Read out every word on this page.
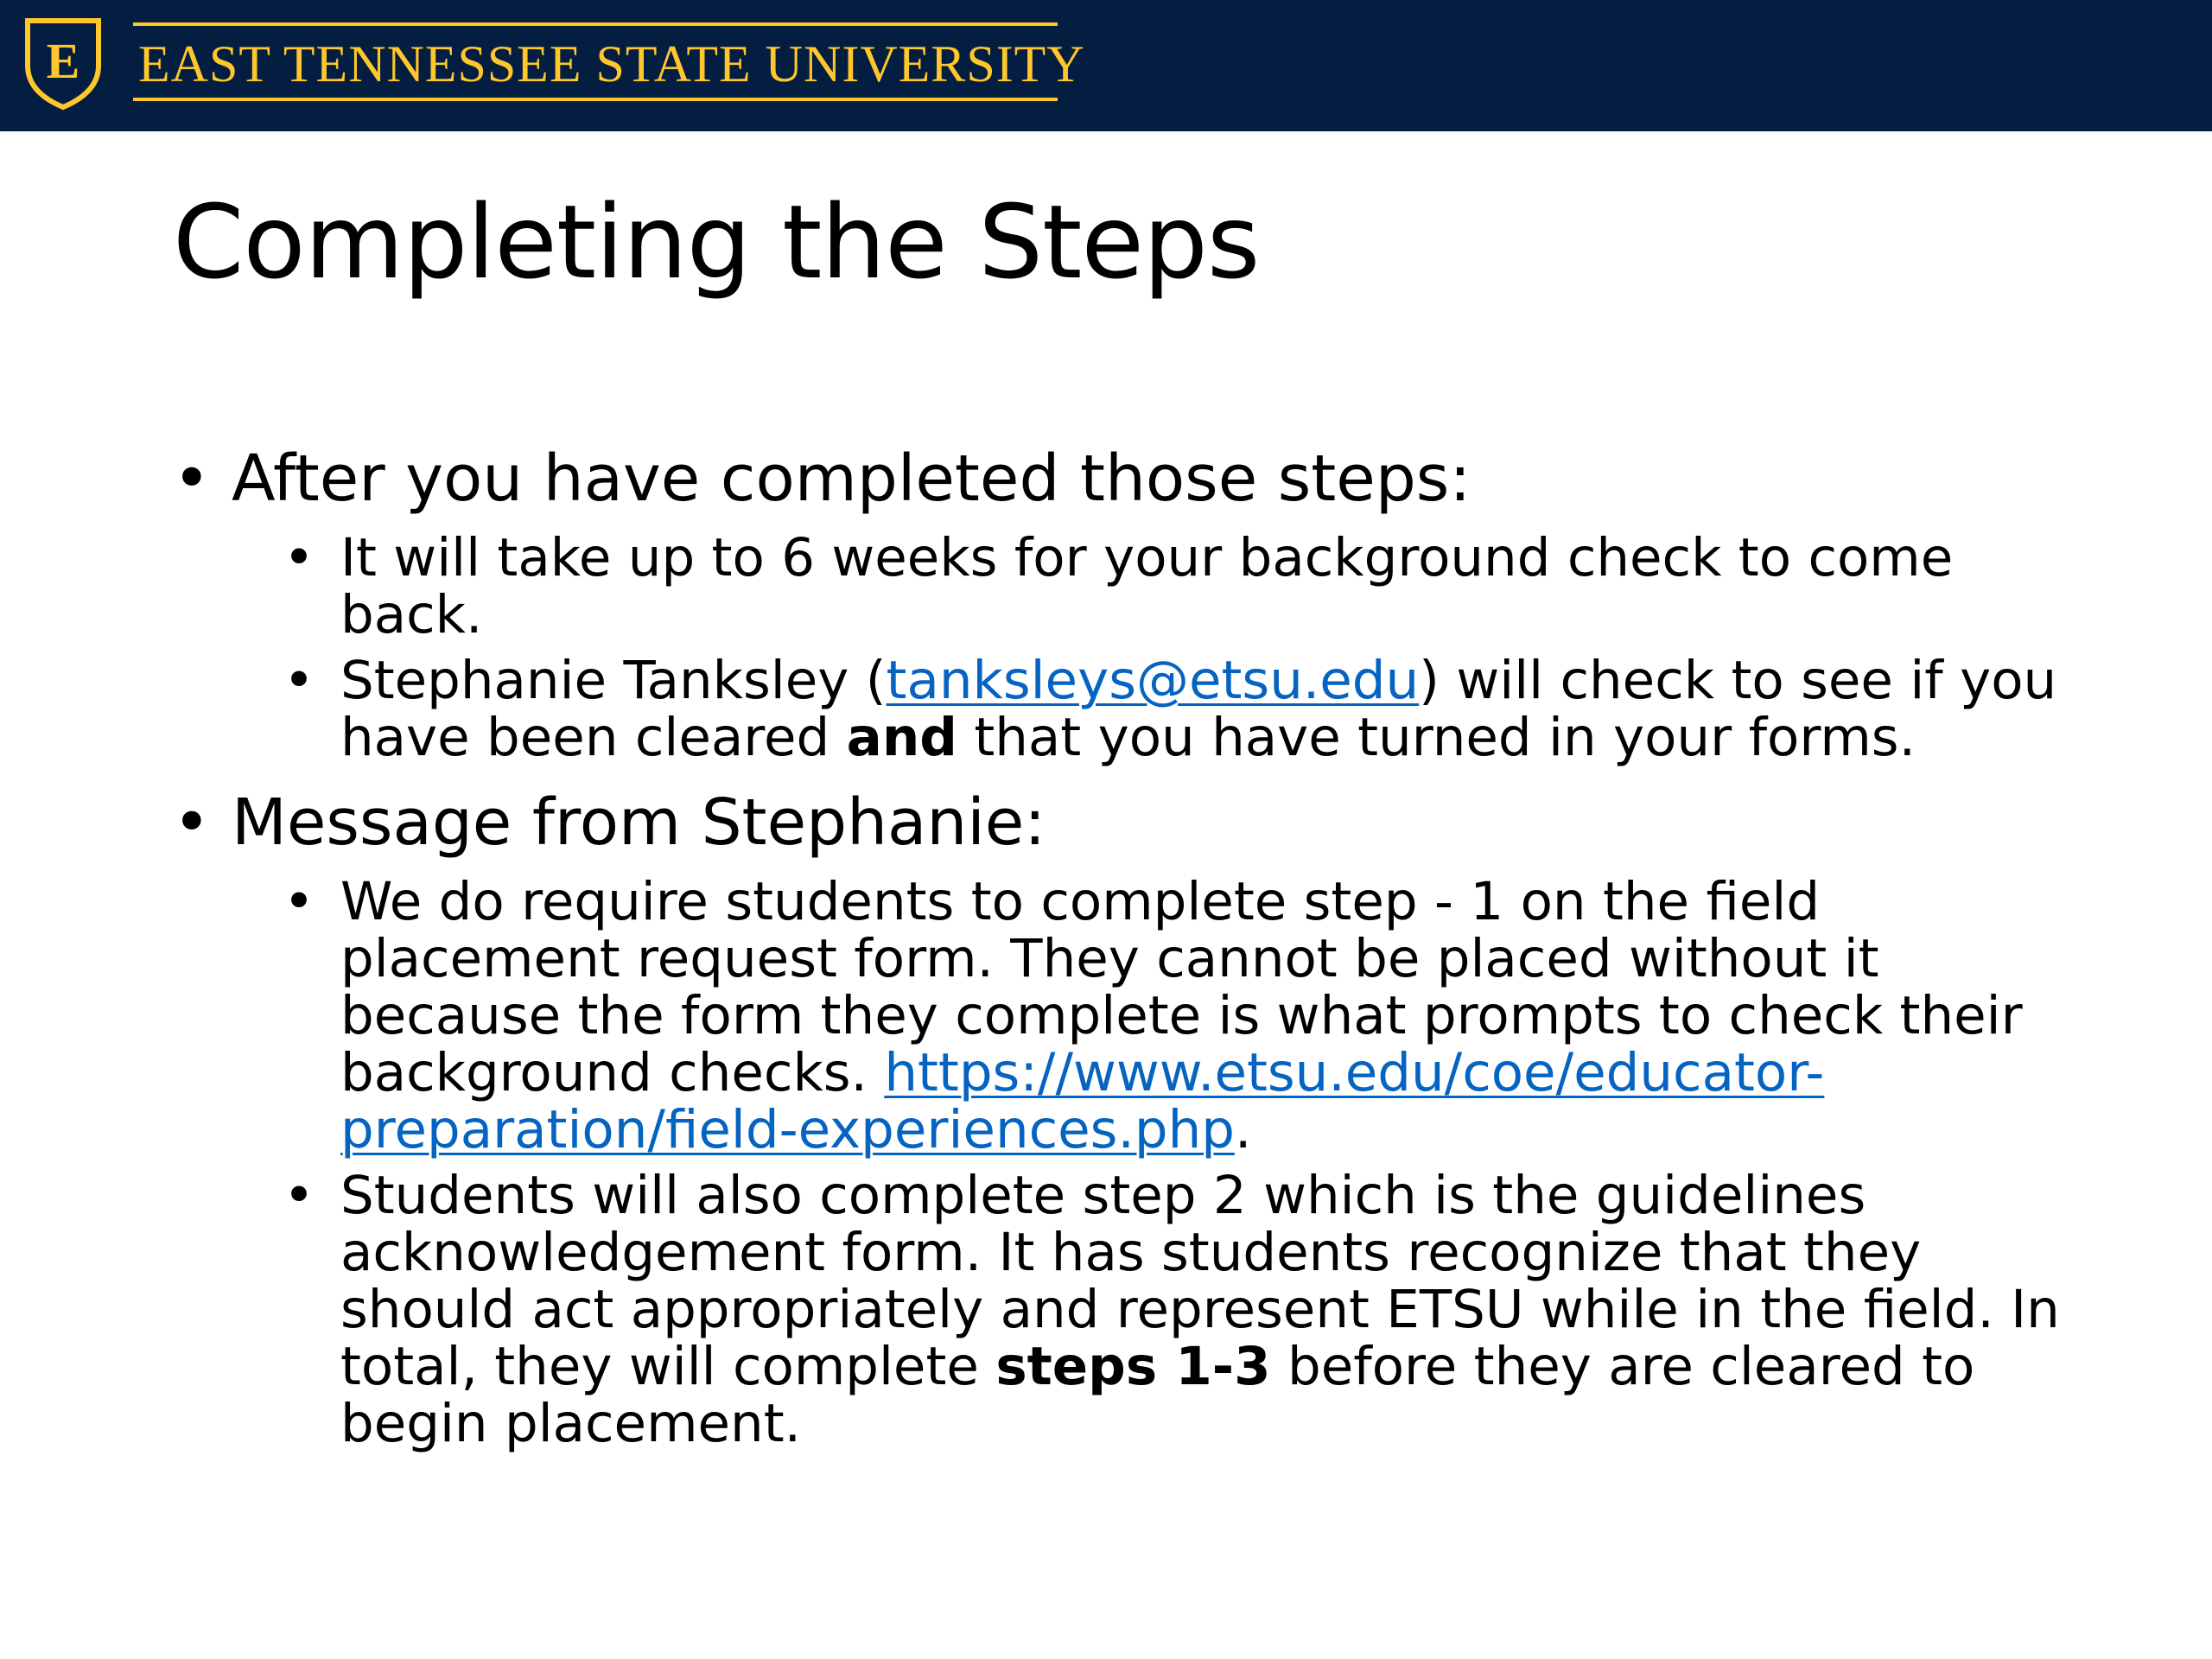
E EAST TENNESSEE STATE UNIVERSITY
Completing the Steps
• After you have completed those steps:
• It will take up to 6 weeks for your background check to come back.
• Stephanie Tanksley (tanksleys@etsu.edu) will check to see if you have been cleared and that you have turned in your forms.
• Message from Stephanie:
• We do require students to complete step - 1 on the field placement request form. They cannot be placed without it because the form they complete is what prompts to check their background checks. https://www.etsu.edu/coe/educator-preparation/field-experiences.php.
• Students will also complete step 2 which is the guidelines acknowledgement form. It has students recognize that they should act appropriately and represent ETSU while in the field. In total, they will complete steps 1-3 before they are cleared to begin placement.
